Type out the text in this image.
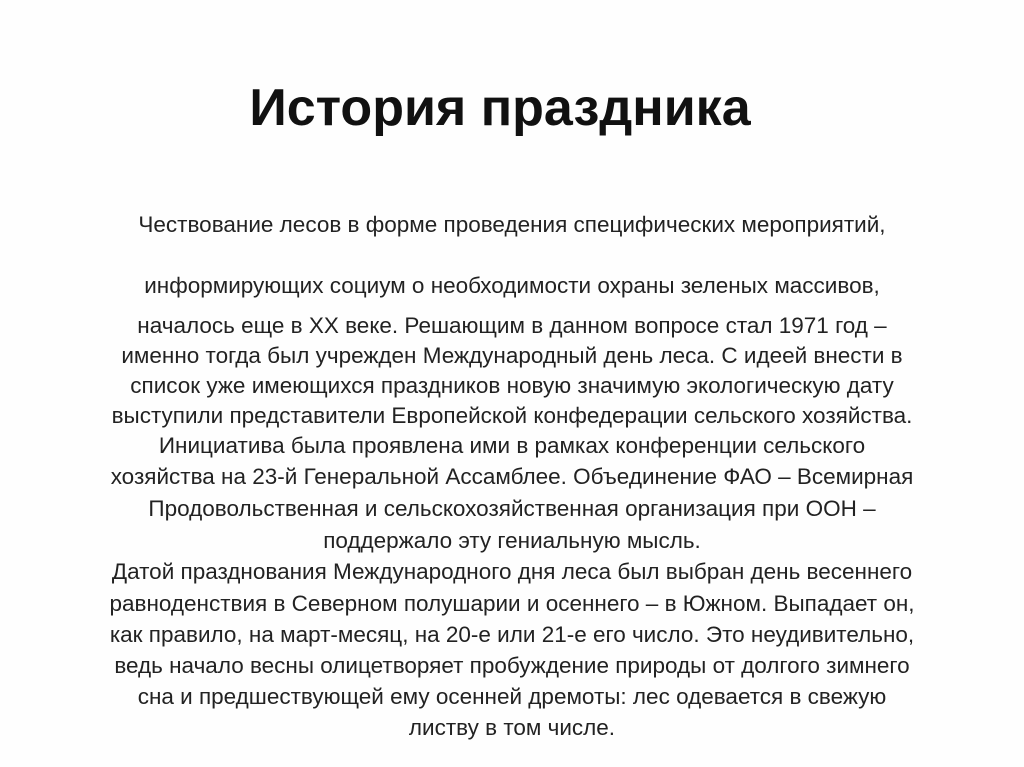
История праздника
Чествование лесов в форме проведения специфических мероприятий,
информирующих социум о необходимости охраны зеленых массивов,
началось еще в XX веке. Решающим в данном вопросе стал 1971 год –
именно тогда был учрежден Международный день леса. С идеей внести в
список уже имеющихся праздников новую значимую экологическую дату
выступили представители Европейской конфедерации сельского хозяйства.
Инициатива была проявлена ими в рамках конференции сельского
хозяйства на 23-й Генеральной Ассамблее. Объединение ФАО – Всемирная
Продовольственная и сельскохозяйственная организация при ООН –
поддержало эту гениальную мысль.
Датой празднования Международного дня леса был выбран день весеннего
равноденствия в Северном полушарии и осеннего – в Южном. Выпадает он,
как правило, на март-месяц, на 20-е или 21-е его число. Это неудивительно,
ведь начало весны олицетворяет пробуждение природы от долгого зимнего
сна и предшествующей ему осенней дремоты: лес одевается в свежую
листву в том числе.
